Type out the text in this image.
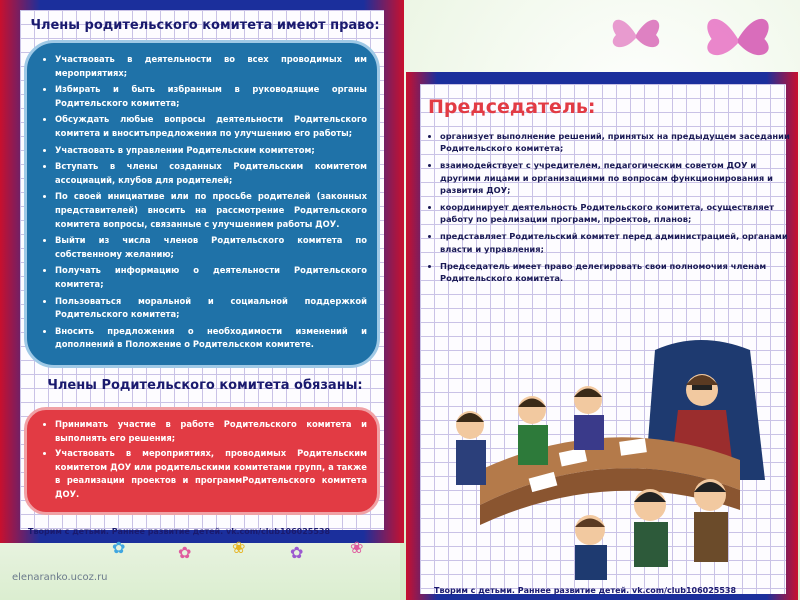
Члены родительского комитета имеют право:
• Участвовать в деятельности во всех проводимых им мероприятиях;
• Избирать и быть избранным в руководящие органы Родительского комитета;
• Обсуждать любые вопросы деятельности Родительского комитета и вноситьпредложения по улучшению его работы;
• Участвовать в управлении Родительским комитетом;
• Вступать в члены созданных Родительским комитетом ассоциаций, клубов для родителей;
• По своей инициативе или по просьбе родителей (законных представителей) вносить на рассмотрение Родительского комитета вопросы, связанные с улучшением работы ДОУ.
• Выйти из числа членов Родительского комитета по собственному желанию;
• Получать информацию о деятельности Родительского комитета;
• Пользоваться моральной и социальной поддержкой Родительского комитета;
• Вносить предложения о необходимости изменений и дополнений в Положение о Родительском комитете.
Члены Родительского комитета обязаны:
• Принимать участие в работе Родительского комитета и выполнять его решения;
• Участвовать в мероприятиях, проводимых Родительским комитетом ДОУ или родительскими комитетами групп, а также в реализации проектов и программРодительского комитета ДОУ.
Творим с детьми. Раннее развитие детей. vk.com/club106025538
✿	✿	❀	✿	❀
elenaranko.ucoz.ru
Председатель:
• организует выполнение решений, принятых на предыдущем заседании Родительского комитета;
• взаимодействует с учредителем, педагогическим советом ДОУ и другими лицами и организациями по вопросам функционирования и развития ДОУ;
• координирует деятельность Родительского комитета, осуществляет работу по реализации программ, проектов, планов;
• представляет Родительский комитет перед администрацией, органами власти и управления;
• Председатель имеет право делегировать свои полномочия членам Родительского комитета.
Творим с детьми. Раннее развитие детей. vk.com/club106025538
